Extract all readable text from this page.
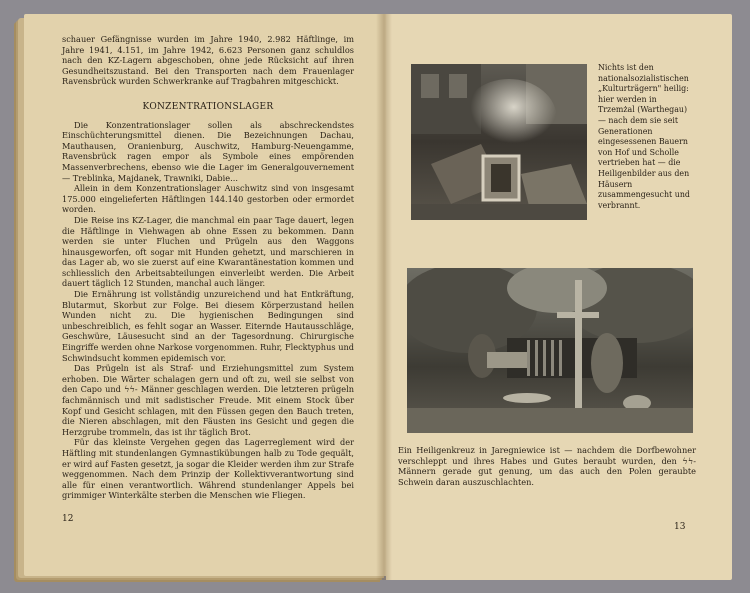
schauer Gefängnisse wurden im Jahre 1940, 2.982 Häftlinge, im Jahre 1941, 4.151, im Jahre 1942, 6.623 Personen ganz schuldlos nach den KZ-Lagern abgeschoben, ohne jede Rücksicht auf ihren Gesundheitszustand. Bei den Transporten nach dem Frauenlager Ravensbrück wurden Schwerkranke auf Tragbahren mitgeschickt.

KONZENTRATIONSLAGER

Die Konzentrationslager sollen als abschreckendstes Einschüchterungsmittel dienen. Die Bezeichnungen Dachau, Mauthausen, Oranienburg, Auschwitz, Hamburg-Neuengamme, Ravensbrück ragen empor als Symbole eines empörenden Massenverbrechens, ebenso wie die Lager im Generalgouvernement — Treblinka, Majdanek, Trawniki, Dabie...

Allein in dem Konzentrationslager Auschwitz sind von insgesamt 175.000 eingelieferten Häftlingen 144.140 gestorben oder ermordet worden.

Die Reise ins KZ-Lager, die manchmal ein paar Tage dauert, legen die Häftlinge in Viehwagen ab ohne Essen zu bekommen. Dann werden sie unter Fluchen und Prügeln aus den Waggons hinausgeworfen, oft sogar mit Hunden gehetzt, und marschieren in das Lager ab, wo sie zuerst auf eine Kwarantänestation kommen und schliesslich den Arbeitsabteilungen einverleibt werden. Die Arbeit dauert täglich 12 Stunden, manchal auch länger.

Die Ernährung ist vollständig unzureichend und hat Entkräftung, Blutarmut, Skorbut zur Folge. Bei diesem Körperzustand heilen Wunden nicht zu. Die hygienischen Bedingungen sind unbeschreiblich, es fehlt sogar an Wasser. Eiternde Hautausschläge, Geschwüre, Läusesucht sind an der Tagesordnung. Chirurgische Eingriffe werden ohne Narkose vorgenommen. Ruhr, Flecktyphus und Schwindsucht kommen epidemisch vor.

Das Prügeln ist als Straf- und Erziehungsmittel zum System erhoben. Die Wärter schalagen gern und oft zu, weil sie selbst von den Capo und ϟϟ- Männer geschlagen werden. Die letzteren prügeln fachmännisch und mit sadistischer Freude. Mit einem Stock über Kopf und Gesicht schlagen, mit den Füssen gegen den Bauch treten, die Nieren abschlagen, mit den Fäusten ins Gesicht und gegen die Herzgrube trommeln, das ist ihr täglich Brot.

Für das kleinste Vergehen gegen das Lagerreglement wird der Häftling mit stundenlangen Gymnastikübungen halb zu Tode gequält, er wird auf Fasten gesetzt, ja sogar die Kleider werden ihm zur Strafe weggenommen. Nach dem Prinzip der Kollektivverantwortung sind alle für einen verantwortlich. Während stundenlanger Appels bei grimmiger Winterkälte sterben die Menschen wie Fliegen.

12
Nichts ist den nationalsozialistischen „Kulturträgern" heilig: hier werden in Trzemżal (Warthegau) — nach dem sie seit Generationen eingesessenen Bauern von Hof und Scholle vertrieben hat — die Heiligenbilder aus den Häusern zusammengesucht und verbrannt.
Ein Heiligenkreuz in Jaregniewice ist — nachdem die Dorfbewohner verschleppt und ihres Habes und Gutes beraubt wurden, den ϟϟ-Männern gerade gut genung, um das auch den Polen geraubte Schwein daran auszuschlachten.
13
